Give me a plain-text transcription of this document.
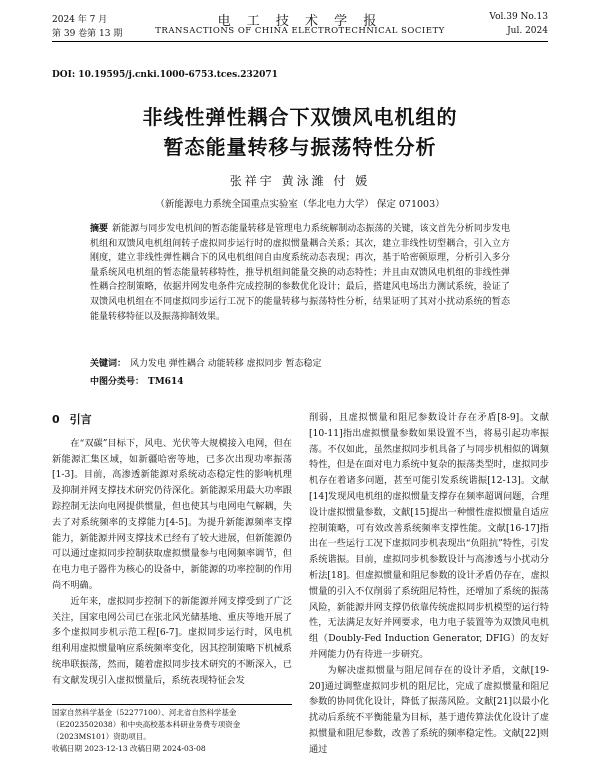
2024 年 7 月
第 39 卷第 13 期
电 工 技 术 学 报
TRANSACTIONS OF CHINA ELECTROTECHNICAL SOCIETY
Vol.39 No.13
Jul. 2024
DOI: 10.19595/j.cnki.1000-6753.tces.232071
非线性弹性耦合下双馈风电机组的
暂态能量转移与振荡特性分析
张祥宇 黄泳潍 付 媛
（新能源电力系统全国重点实验室（华北电力大学） 保定 071003）
摘要 新能源与同步发电机间的暂态能量转移是管理电力系统解制动态振荡的关键，该文首先分析同步发电机组和双馈风电机组间转子虚拟同步运行时的虚拟惯量耦合关系；其次，建立非线性切型耦合，引入立方刚度，建立非线性弹性耦合下的风电机组间自由度系统动态表现；再次，基于哈密顿原理，分析引入多分量系统风电机组的暂态能量转移特性，推导机组间能量交换的动态特性；并且由双馈风电机组的非线性弹性耦合控制策略，依据并网发电条件完成控制的参数优化设计；最后，搭建风电场出力测试系统，验证了双馈风电机组在不同虚拟同步运行工况下的能量转移与振荡特性分析，结果证明了其对小扰动系统的暂态能量转移特征以及振荡抑制效果。
关键词： 风力发电 弹性耦合 动能转移 虚拟同步 暂态稳定
中图分类号： TM614
0 引言

在“双碳”目标下，风电、光伏等大规模接入电网，但在新能源汇集区域，如新疆哈密等地，已多次出现功率振荡[1-3]。目前，高渗透新能源对系统动态稳定性的影响机理及抑制并网支撑技术研究仍待深化。新能源采用最大功率跟踪控制无法向电网提供惯量，但也使其与电网电气解耦，失去了对系统频率的支撑能力[4-5]。为提升新能源频率支撑能力，新能源并网支撑技术已经有了较大进展，但新能源仍可以通过虚拟同步控制获取虚拟惯量参与电网频率调节，但在电力电子器件为核心的设备中，新能源的功率控制的作用尚不明确。

近年来，虚拟同步控制下的新能源并网支撑受到了广泛关注，国家电网公司已在张北风光储基地、重庆等地开展了多个虚拟同步机示范工程[6-7]。虚拟同步运行时，风电机组利用虚拟惯量响应系统频率变化，因其控制策略下机械系统串联振荡，然而，随着虚拟同步技术研究的不断深入，已有文献发现引入虚拟惯量后，系统表现特征会发

削弱，且虚拟惯量和阻尼参数设计存在矛盾[8-9]。文献[10-11]指出虚拟惯量参数如果设置不当，将易引起功率振荡。不仅如此，虽然虚拟同步机具备了与同步机相似的调频特性，但是在面对电力系统中复杂的振荡类型时，虚拟同步机存在着诸多问题，甚至可能引发系统谐振[12-13]。文献[14]发现风电机组的虚拟惯量支撑存在频率超调问题，合理设计虚拟惯量参数，文献[15]提出一种惯性虚拟惯量自适应控制策略，可有效改善系统频率支撑性能。文献[16-17]指出在一些运行工况下虚拟同步机表现出“负阻抗”特性，引发系统谐振。目前，虚拟同步机参数设计与高渗透与小扰动分析法[18]。但虚拟惯量和阻尼参数的设计矛盾仍存在，虚拟惯量的引入不仅削弱了系统阻尼特性，还增加了系统的振荡风险，新能源并网支撑仍依靠传统虚拟同步机模型的运行特性，无法满足友好并网要求，电力电子装置等为双馈风电机组（Doubly-Fed Induction Generator, DFIG）的友好并网能力仍有待进一步研究。

为解决虚拟惯量与阻尼间存在的设计矛盾，文献[19-20]通过调整虚拟同步机的阻尼比，完成了虚拟惯量和阻尼参数的协同优化设计，降低了振荡风险。文献[21]以最小化扰动后系统不平衡能量为目标，基于遗传算法优化设计了虚拟惯量和阻尼参数，改善了系统的频率稳定性。文献[22]则通过

国家自然科学基金（52277100）、河北省自然科学基金（E2023502038）和中央高校基本科研业务费专项资金（2023MS101）资助项目。

收稿日期 2023-12-13 改稿日期 2024-03-08
